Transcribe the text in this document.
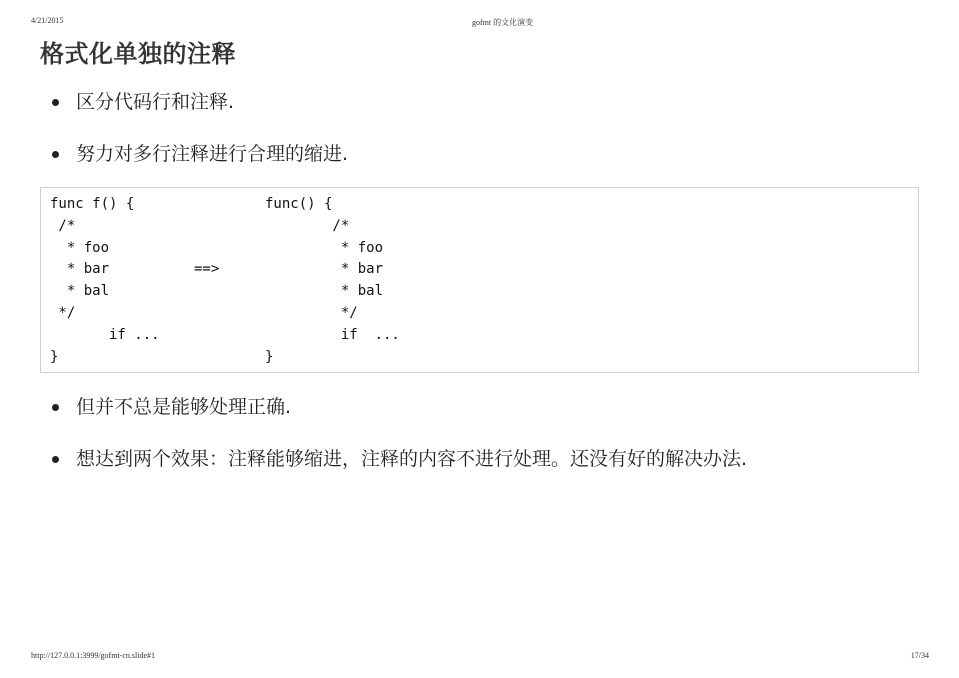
4/21/2015	gofmt 的文化演变
格式化单独的注释
区分代码行和注释.
努力对多行注释进行合理的缩进.
func f() {
/*
* foo
* bar
* bal
*/
if ...
}

==>
func() {
/*
* foo
* bar
* bal
*/
if  ...
}
但并不总是能够处理正确.
想达到两个效果：注释能够缩进，注释的内容不进行处理。还没有好的解决办法.
http://127.0.0.1:3999/gofmt-cn.slide#1	17/34
